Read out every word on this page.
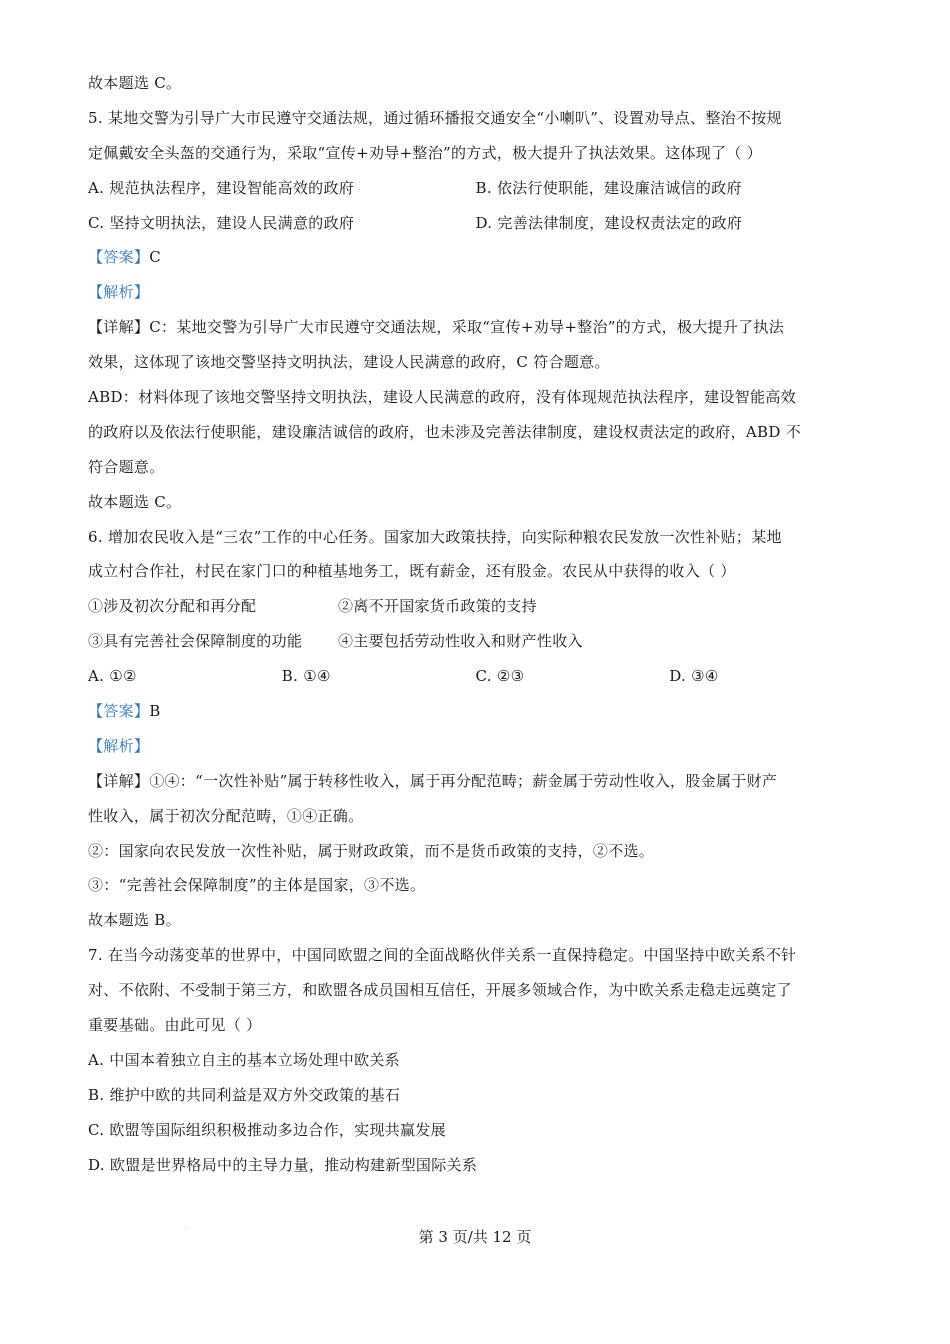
故本题选 C。
5. 某地交警为引导广大市民遵守交通法规，通过循环播报交通安全“小喇叭”、设置劝导点、整治不按规
定佩戴安全头盔的交通行为，采取“宣传+劝导+整治”的方式，极大提升了执法效果。这体现了（ ）
A. 规范执法程序，建设智能高效的政府	B. 依法行使职能，建设廉洁诚信的政府
C. 坚持文明执法，建设人民满意的政府	D. 完善法律制度，建设权责法定的政府
【答案】C
【解析】
【详解】C：某地交警为引导广大市民遵守交通法规，采取“宣传+劝导+整治”的方式，极大提升了执法
效果，这体现了该地交警坚持文明执法，建设人民满意的政府，C 符合题意。
ABD：材料体现了该地交警坚持文明执法，建设人民满意的政府，没有体现规范执法程序，建设智能高效
的政府以及依法行使职能，建设廉洁诚信的政府，也未涉及完善法律制度，建设权责法定的政府，ABD 不
符合题意。
故本题选 C。
6. 增加农民收入是“三农”工作的中心任务。国家加大政策扶持，向实际种粮农民发放一次性补贴；某地
成立村合作社，村民在家门口的种植基地务工，既有薪金，还有股金。农民从中获得的收入（ ）
①涉及初次分配和再分配	②离不开国家货币政策的支持
③具有完善社会保障制度的功能	④主要包括劳动性收入和财产性收入
A. ①②	B. ①④	C. ②③	D. ③④
【答案】B
【解析】
【详解】①④：“一次性补贴”属于转移性收入，属于再分配范畴；薪金属于劳动性收入，股金属于财产
性收入，属于初次分配范畴，①④正确。
②：国家向农民发放一次性补贴，属于财政政策，而不是货币政策的支持，②不选。
③：“完善社会保障制度”的主体是国家，③不选。
故本题选 B。
7. 在当今动荡变革的世界中，中国同欧盟之间的全面战略伙伴关系一直保持稳定。中国坚持中欧关系不针
对、不依附、不受制于第三方，和欧盟各成员国相互信任，开展多领域合作，为中欧关系走稳走远奠定了
重要基础。由此可见（ ）
A. 中国本着独立自主的基本立场处理中欧关系
B. 维护中欧的共同利益是双方外交政策的基石
C. 欧盟等国际组织积极推动多边合作，实现共赢发展
D. 欧盟是世界格局中的主导力量，推动构建新型国际关系
第 3 页/共 12 页
